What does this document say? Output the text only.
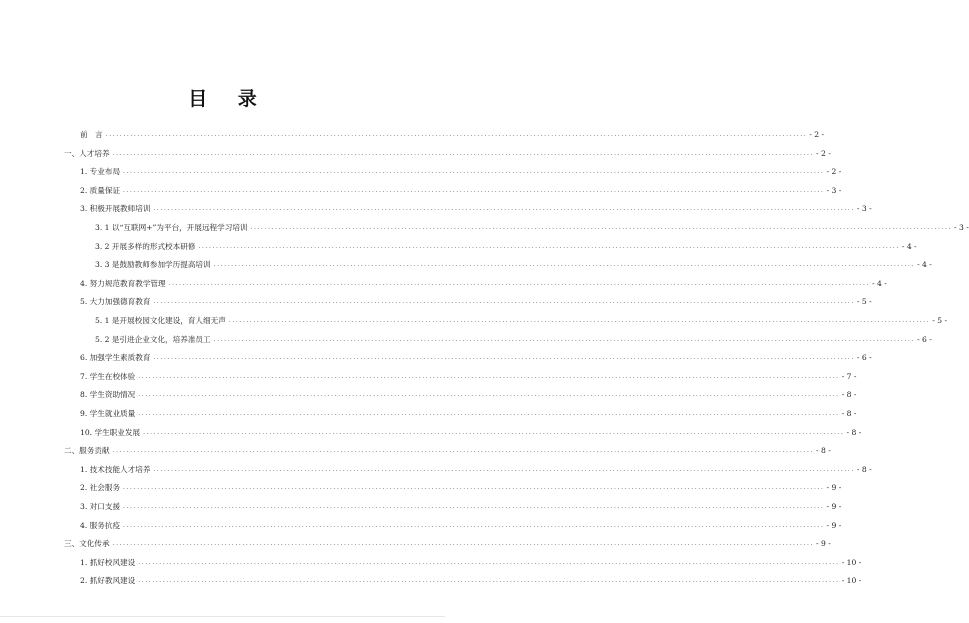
目 录
前　言 ........................................................................................................................................................................................................ - 2 -
一、人才培养 ........................................................................................................................................................................................................ - 2 -
1. 专业布局 ........................................................................................................................................................................................................ - 2 -
2. 质量保证 ........................................................................................................................................................................................................ - 3 -
3. 积极开展教师培训 ........................................................................................................................................................................................................ - 3 -
3. 1 以“互联网+”为平台，开展远程学习培训 ........................................................................................................................................................................................................ - 3 -
3. 2 开展多样的形式校本研修 ........................................................................................................................................................................................................ - 4 -
3. 3 是鼓励教师参加学历提高培训 ........................................................................................................................................................................................................ - 4 -
4. 努力规范教育教学管理 ........................................................................................................................................................................................................ - 4 -
5. 大力加强德育教育 ........................................................................................................................................................................................................ - 5 -
5. 1 是开展校园文化建设，育人细无声 ........................................................................................................................................................................................................ - 5 -
5. 2 是引进企业文化，培养准员工 ........................................................................................................................................................................................................ - 6 -
6. 加强学生素质教育 ........................................................................................................................................................................................................ - 6 -
7. 学生在校体验 ........................................................................................................................................................................................................ - 7 -
8. 学生资助情况 ........................................................................................................................................................................................................ - 8 -
9. 学生就业质量 ........................................................................................................................................................................................................ - 8 -
10. 学生职业发展 ........................................................................................................................................................................................................ - 8 -
二、服务贡献 ........................................................................................................................................................................................................ - 8 -
1. 技术技能人才培养 ........................................................................................................................................................................................................ - 8 -
2. 社会服务 ........................................................................................................................................................................................................ - 9 -
3. 对口支援 ........................................................................................................................................................................................................ - 9 -
4. 服务抗疫 ........................................................................................................................................................................................................ - 9 -
三、文化传承 ........................................................................................................................................................................................................ - 9 -
1. 抓好校风建设 ........................................................................................................................................................................................................ - 10 -
2. 抓好教风建设 ........................................................................................................................................................................................................ - 10 -
